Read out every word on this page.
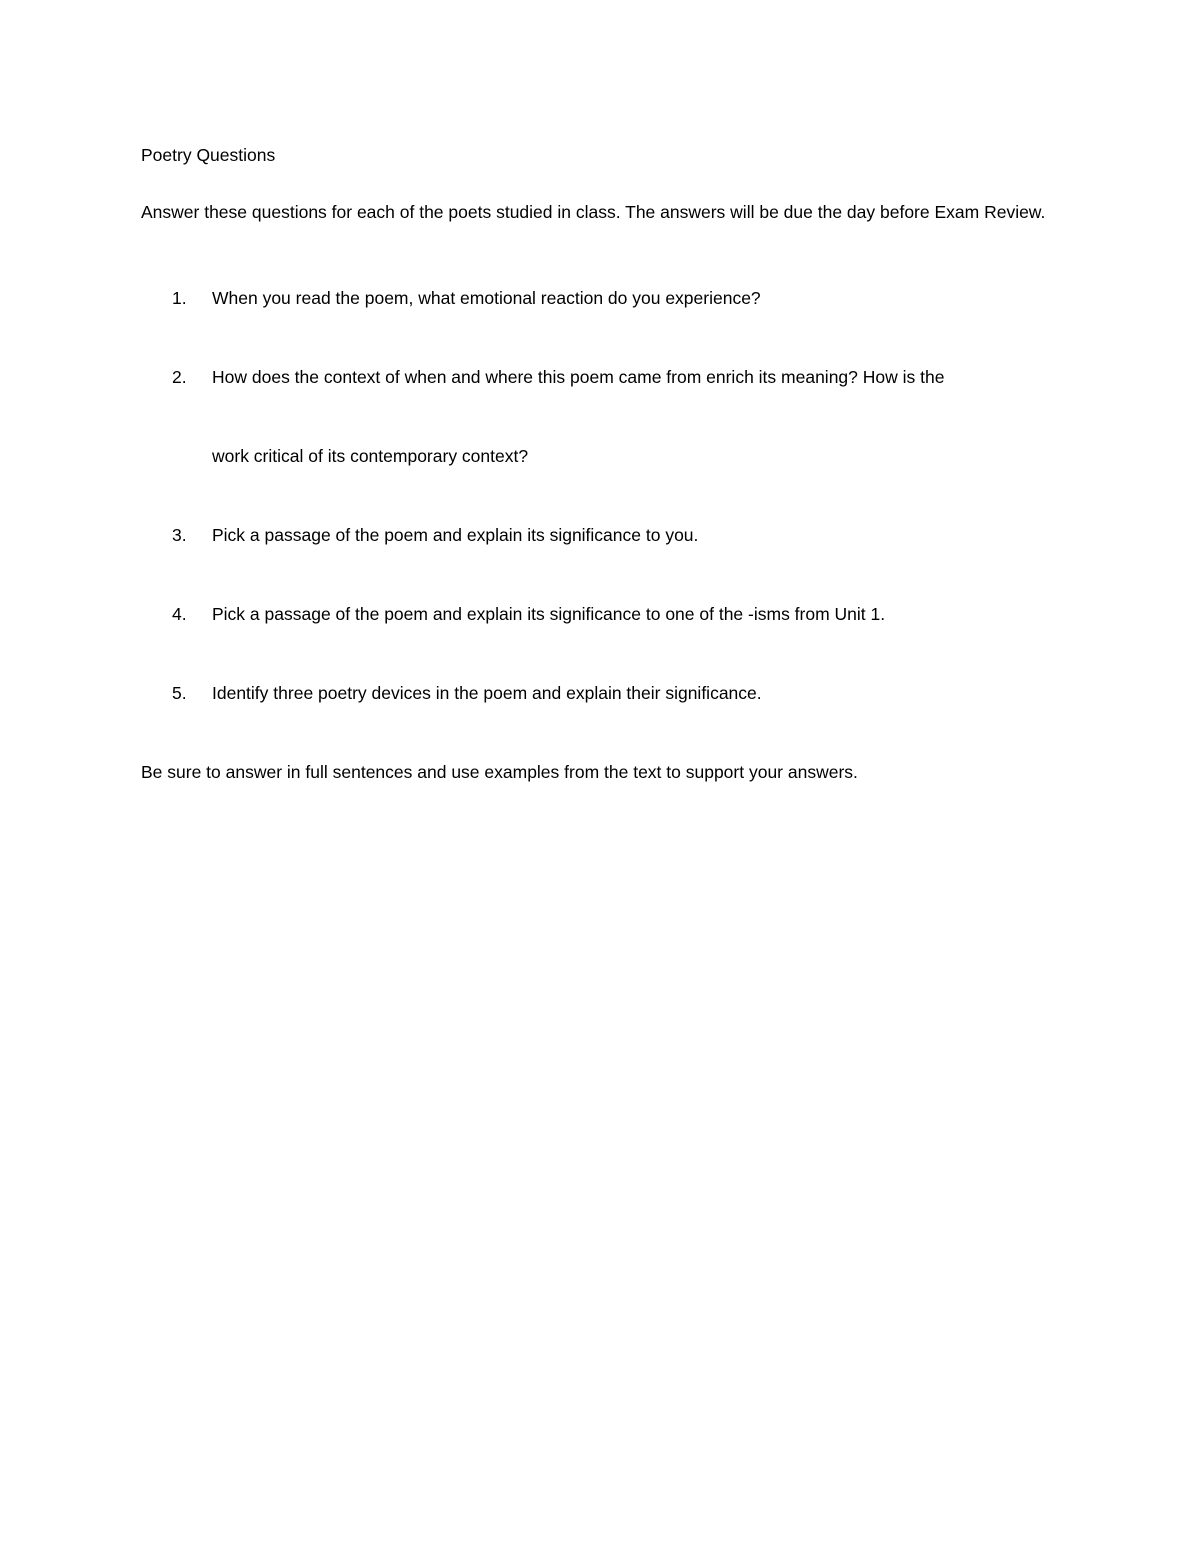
Poetry Questions

Answer these questions for each of the poets studied in class. The answers will be due the day before Exam Review.

1.	When you read the poem, what emotional reaction do you experience?
2.	How does the context of when and where this poem came from enrich its meaning? How is the
work critical of its contemporary context?
3.	Pick a passage of the poem and explain its significance to you.
4.	Pick a passage of the poem and explain its significance to one of the -isms from Unit 1.
5.	Identify three poetry devices in the poem and explain their significance.

Be sure to answer in full sentences and use examples from the text to support your answers.
